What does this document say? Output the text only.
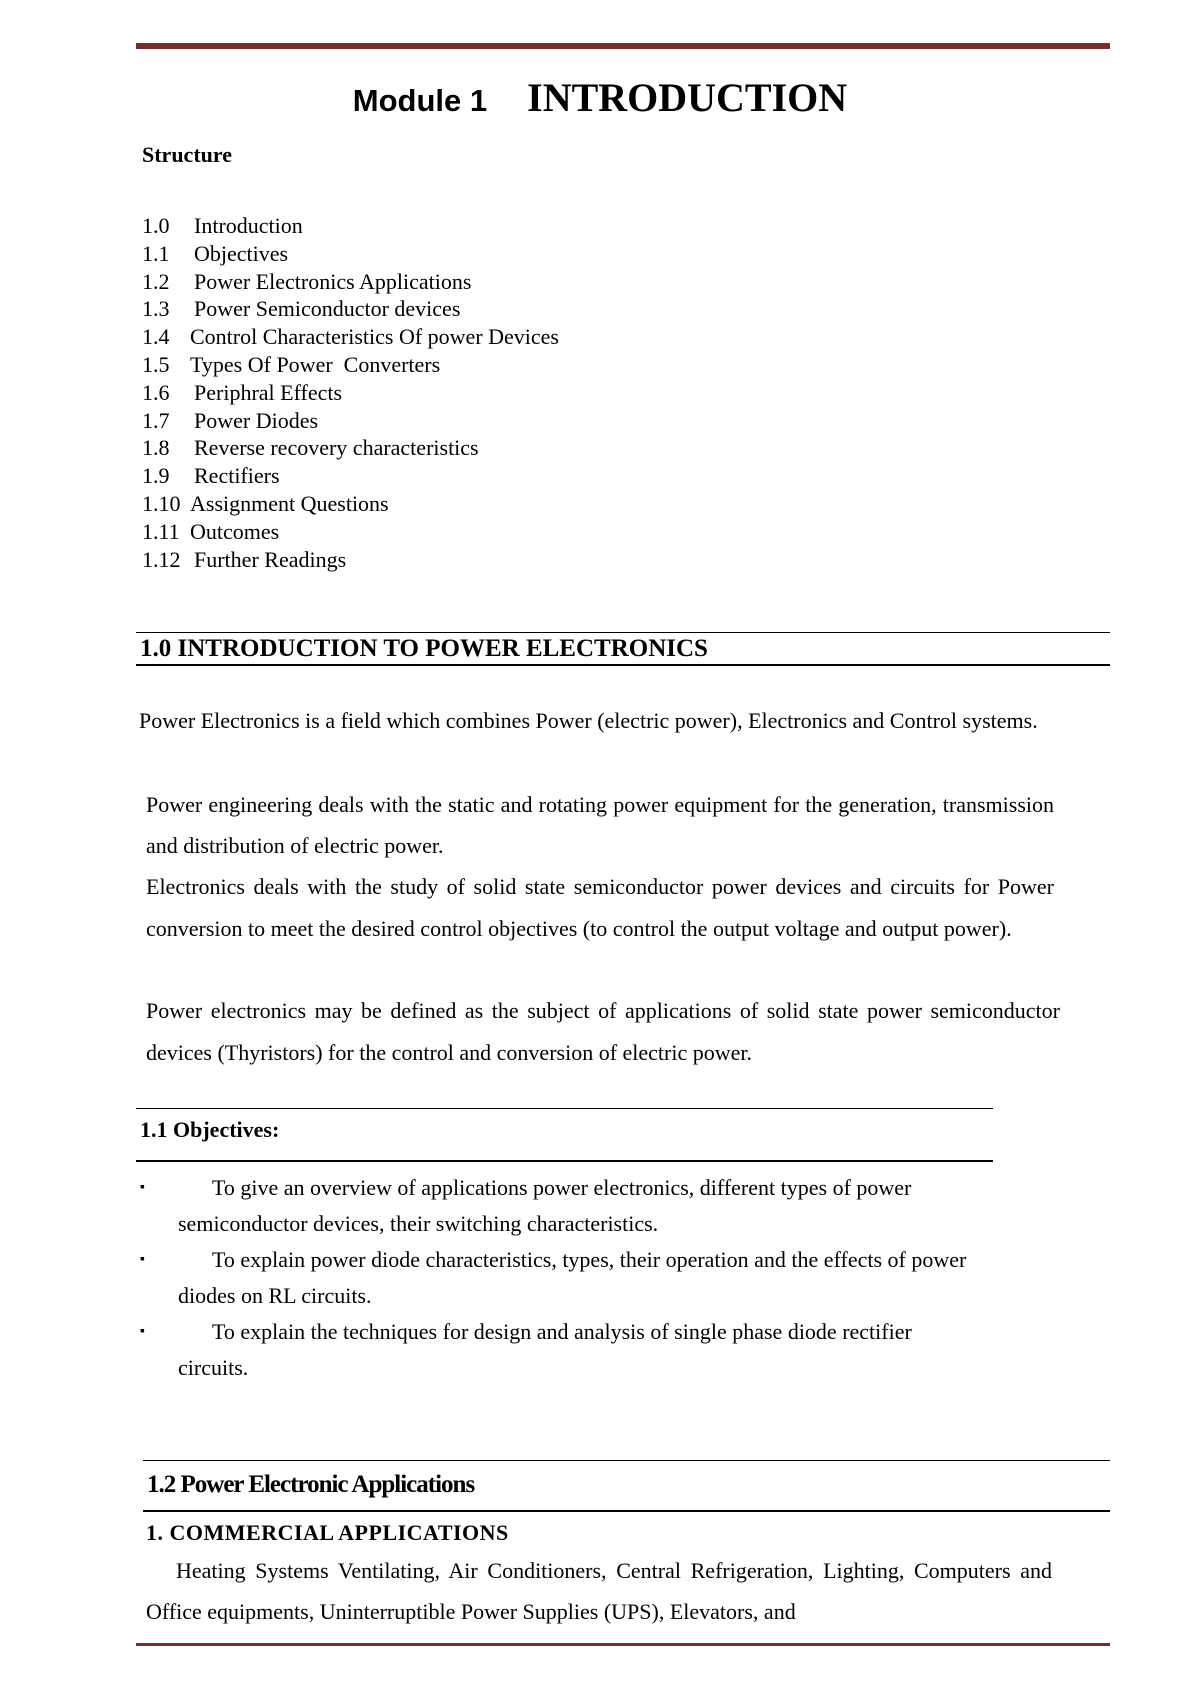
Module 1 INTRODUCTION
Structure
1.0 Introduction
1.1 Objectives
1.2 Power Electronics Applications
1.3 Power Semiconductor devices
1.4 Control Characteristics Of power Devices
1.5 Types Of Power  Converters
1.6 Periphral Effects
1.7 Power Diodes
1.8 Reverse recovery characteristics
1.9 Rectifiers
1.10 Assignment Questions
1.11 Outcomes
1.12 Further Readings
1.0 INTRODUCTION TO POWER ELECTRONICS

Power Electronics is a field which combines Power (electric power), Electronics and Control systems.

Power engineering deals with the static and rotating power equipment for the generation, transmission and distribution of electric power.

Electronics deals with the study of solid state semiconductor power devices and circuits for Power conversion to meet the desired control objectives (to control the output voltage and output power).

Power electronics may be defined as the subject of applications of solid state power semiconductor devices (Thyristors) for the control and conversion of electric power.

1.1 Objectives:
▪	To give an overview of applications power electronics, different types of power semiconductor devices, their switching characteristics.
▪	To explain power diode characteristics, types, their operation and the effects of power diodes on RL circuits.
▪	To explain the techniques for design and analysis of single phase diode rectifier circuits.
1.2 Power Electronic Applications
1. COMMERCIAL APPLICATIONS

Heating Systems Ventilating, Air Conditioners, Central Refrigeration, Lighting, Computers and Office equipments, Uninterruptible Power Supplies (UPS), Elevators, and
